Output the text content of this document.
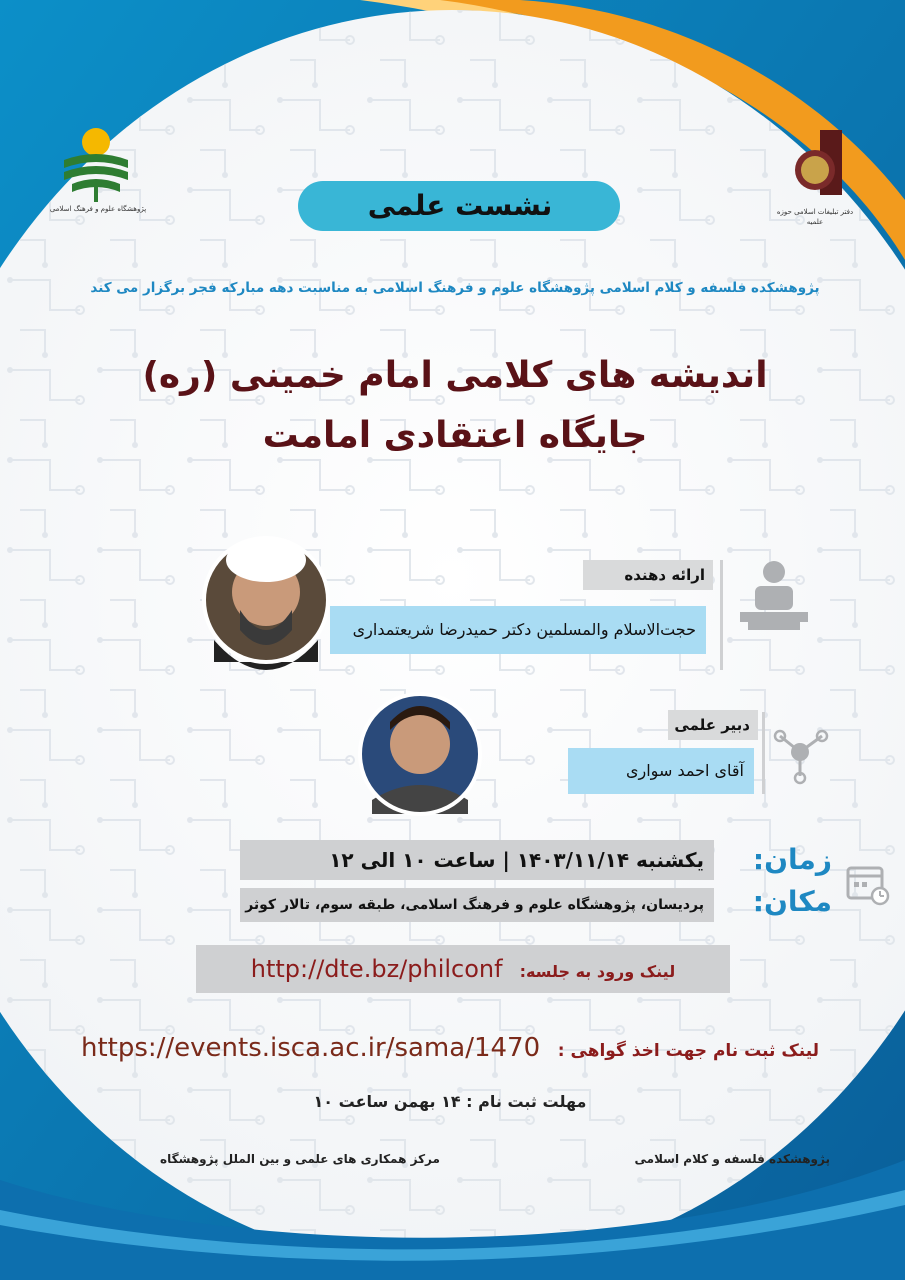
نشست علمی
پژوهشکده فلسفه و کلام اسلامی پژوهشگاه علوم و فرهنگ اسلامی به مناسبت دهه مبارکه فجر برگزار می کند
اندیشه های کلامی امام خمینی (ره)
جایگاه اعتقادی امامت
ارائه دهنده
حجت‌الاسلام والمسلمین دکتر حمیدرضا شریعتمداری
دبیر علمی
آقای احمد سواری
یکشنبه ۱۴۰۳/۱۱/۱۴ | ساعت ۱۰ الی ۱۲
پردیسان، پژوهشگاه علوم و فرهنگ اسلامی، طبقه سوم، تالار کوثر
زمان:
مکان:
لینک ورود به جلسه: http://dte.bz/philconf
لینک ثبت نام جهت اخذ گواهی : https://events.isca.ac.ir/sama/1470
مهلت ثبت نام : ۱۴ بهمن ساعت ۱۰
پژوهشکده فلسفه و کلام اسلامی
مرکز همکاری های علمی و بین الملل پژوهشگاه
پژوهشگاه علوم و فرهنگ اسلامی	دفتر تبلیغات اسلامی حوزه علمیه
